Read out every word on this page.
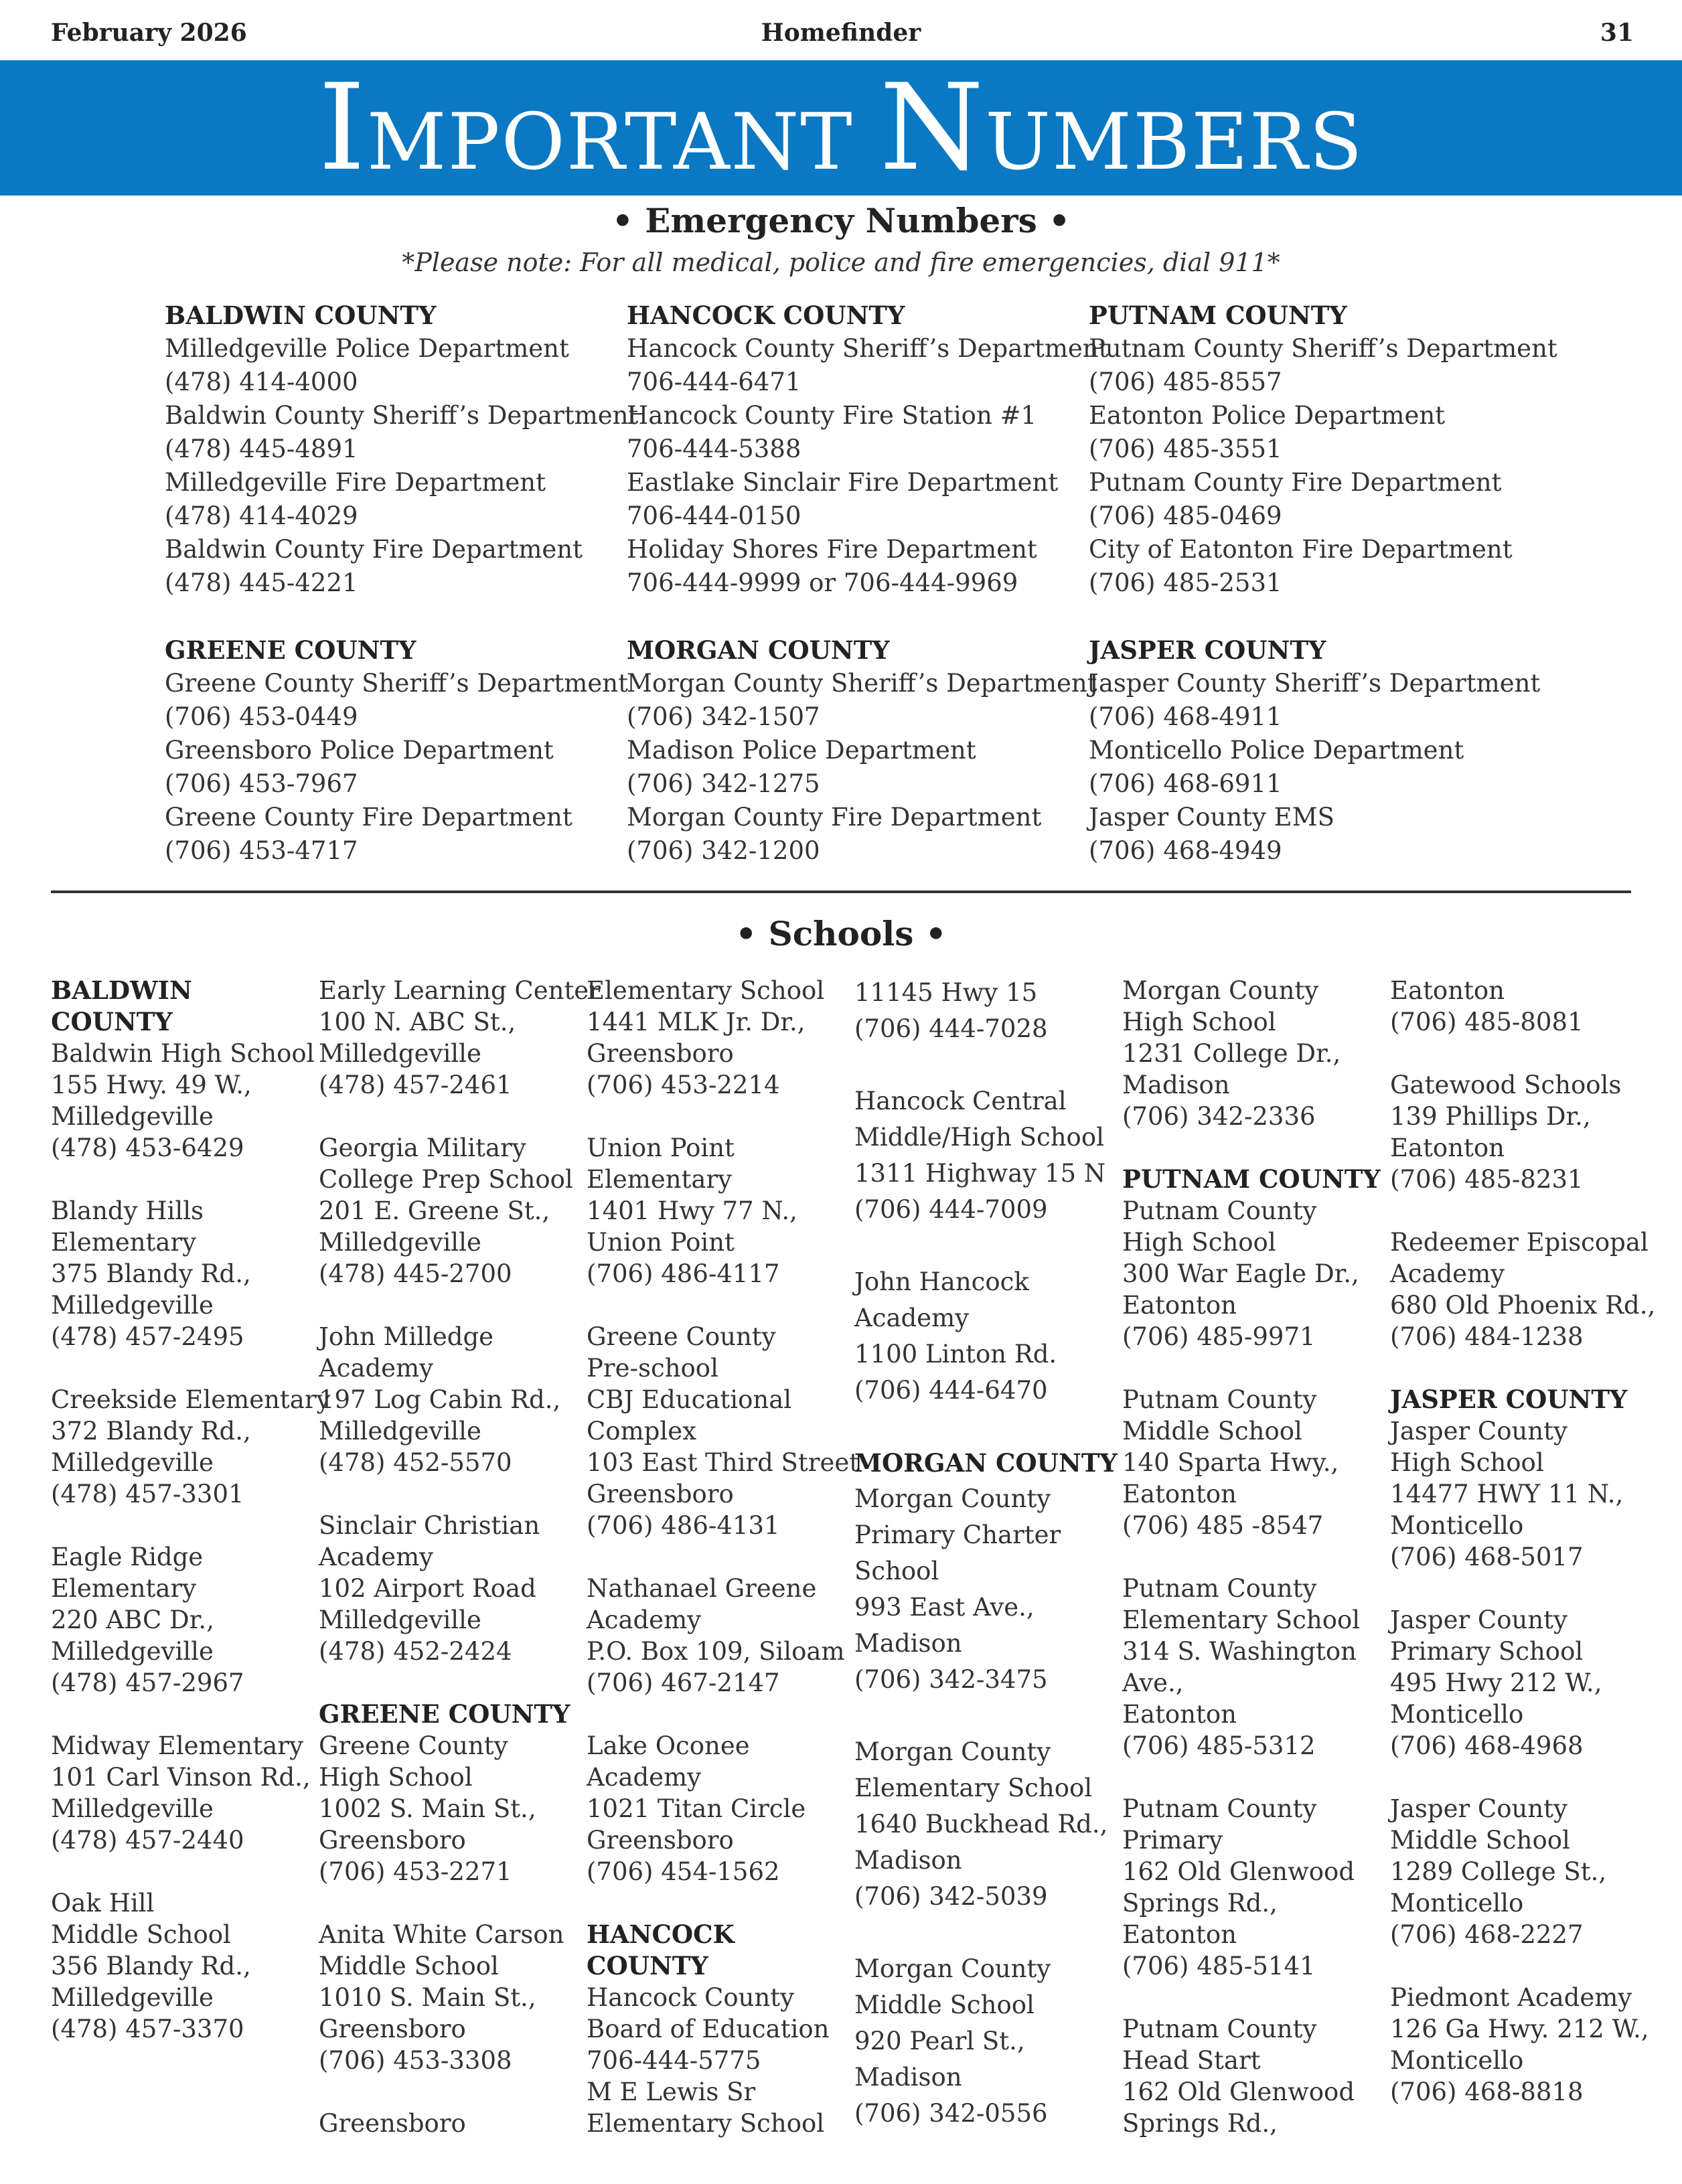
February 2026	Homefinder	31
IMPORTANT NUMBERS
• Emergency Numbers •
*Please note: For all medical, police and fire emergencies, dial 911*
BALDWIN COUNTY
Milledgeville Police Department
(478) 414-4000
Baldwin County Sheriff’s Department
(478) 445-4891
Milledgeville Fire Department
(478) 414-4029
Baldwin County Fire Department
(478) 445-4221
HANCOCK COUNTY
Hancock County Sheriff’s Department
706-444-6471
Hancock County Fire Station #1
706-444-5388
Eastlake Sinclair Fire Department
706-444-0150
Holiday Shores Fire Department
706-444-9999 or 706-444-9969
PUTNAM COUNTY
Putnam County Sheriff’s Department
(706) 485-8557
Eatonton Police Department
(706) 485-3551
Putnam County Fire Department
(706) 485-0469
City of Eatonton Fire Department
(706) 485-2531
GREENE COUNTY
Greene County Sheriff’s Department
(706) 453-0449
Greensboro Police Department
(706) 453-7967
Greene County Fire Department
(706) 453-4717
MORGAN COUNTY
Morgan County Sheriff’s Department
(706) 342-1507
Madison Police Department
(706) 342-1275
Morgan County Fire Department
(706) 342-1200
JASPER COUNTY
Jasper County Sheriff’s Department
(706) 468-4911
Monticello Police Department
(706) 468-6911
Jasper County EMS
(706) 468-4949
• Schools •
BALDWIN
COUNTY
Baldwin High School
155 Hwy. 49 W.,
Milledgeville
(478) 453-6429
Blandy Hills
Elementary
375 Blandy Rd.,
Milledgeville
(478) 457-2495
Creekside Elementary
372 Blandy Rd.,
Milledgeville
(478) 457-3301
Eagle Ridge
Elementary
220 ABC Dr.,
Milledgeville
(478) 457-2967
Midway Elementary
101 Carl Vinson Rd.,
Milledgeville
(478) 457-2440
Oak Hill
Middle School
356 Blandy Rd.,
Milledgeville
(478) 457-3370
Early Learning Center
100 N. ABC St.,
Milledgeville
(478) 457-2461
Georgia Military
College Prep School
201 E. Greene St.,
Milledgeville
(478) 445-2700
John Milledge
Academy
197 Log Cabin Rd.,
Milledgeville
(478) 452-5570
Sinclair Christian
Academy
102 Airport Road
Milledgeville
(478) 452-2424
GREENE COUNTY
Greene County
High School
1002 S. Main St.,
Greensboro
(706) 453-2271
Anita White Carson
Middle School
1010 S. Main St.,
Greensboro
(706) 453-3308
Greensboro
Elementary School
1441 MLK Jr. Dr.,
Greensboro
(706) 453-2214
Union Point
Elementary
1401 Hwy 77 N.,
Union Point
(706) 486-4117
Greene County
Pre-school
CBJ Educational
Complex
103 East Third Street
Greensboro
(706) 486-4131
Nathanael Greene
Academy
P.O. Box 109, Siloam
(706) 467-2147
Lake Oconee
Academy
1021 Titan Circle
Greensboro
(706) 454-1562
HANCOCK
COUNTY
Hancock County
Board of Education
706-444-5775
M E Lewis Sr
Elementary School
11145 Hwy 15
(706) 444-7028
Hancock Central
Middle/High School
1311 Highway 15 N
(706) 444-7009
John Hancock
Academy
1100 Linton Rd.
(706) 444-6470
MORGAN COUNTY
Morgan County
Primary Charter
School
993 East Ave.,
Madison
(706) 342-3475
Morgan County
Elementary School
1640 Buckhead Rd.,
Madison
(706) 342-5039
Morgan County
Middle School
920 Pearl St.,
Madison
(706) 342-0556
Morgan County
High School
1231 College Dr.,
Madison
(706) 342-2336
PUTNAM COUNTY
Putnam County
High School
300 War Eagle Dr.,
Eatonton
(706) 485-9971
Putnam County
Middle School
140 Sparta Hwy.,
Eatonton
(706) 485 -8547
Putnam County
Elementary School
314 S. Washington
Ave.,
Eatonton
(706) 485-5312
Putnam County
Primary
162 Old Glenwood
Springs Rd.,
Eatonton
(706) 485-5141
Putnam County
Head Start
162 Old Glenwood
Springs Rd.,
Eatonton
(706) 485-8081
Gatewood Schools
139 Phillips Dr.,
Eatonton
(706) 485-8231
Redeemer Episcopal
Academy
680 Old Phoenix Rd.,
(706) 484-1238
JASPER COUNTY
Jasper County
High School
14477 HWY 11 N.,
Monticello
(706) 468-5017
Jasper County
Primary School
495 Hwy 212 W.,
Monticello
(706) 468-4968
Jasper County
Middle School
1289 College St.,
Monticello
(706) 468-2227
Piedmont Academy
126 Ga Hwy. 212 W.,
Monticello
(706) 468-8818
